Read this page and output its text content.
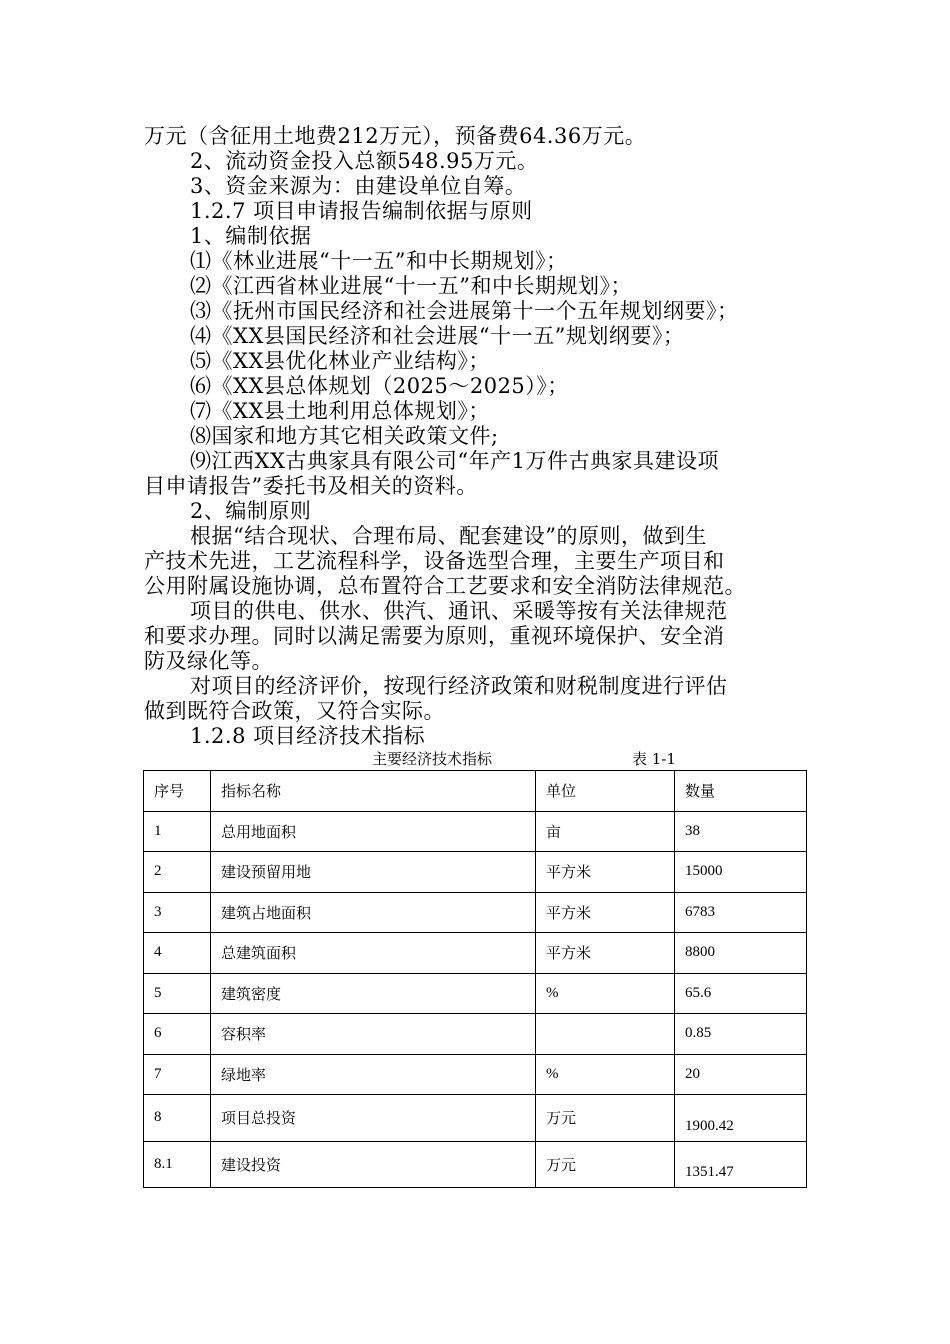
万元（含征用土地费212万元），预备费64.36万元。
2、流动资金投入总额548.95万元。
3、资金来源为：由建设单位自筹。
1.2.7 项目申请报告编制依据与原则
1、编制依据
⑴《林业进展“十一五”和中长期规划》；
⑵《江西省林业进展“十一五”和中长期规划》；
⑶《抚州市国民经济和社会进展第十一个五年规划纲要》；
⑷《XX县国民经济和社会进展“十一五”规划纲要》；
⑸《XX县优化林业产业结构》；
⑹《XX县总体规划（2025～2025）》；
⑺《XX县土地利用总体规划》；
⑻国家和地方其它相关政策文件;
⑼江西XX古典家具有限公司“年产1万件古典家具建设项
目申请报告”委托书及相关的资料。
2、编制原则
根据“结合现状、合理布局、配套建设”的原则，做到生
产技术先进，工艺流程科学，设备选型合理，主要生产项目和
公用附属设施协调，总布置符合工艺要求和安全消防法律规范。
项目的供电、供水、供汽、通讯、采暖等按有关法律规范
和要求办理。同时以满足需要为原则，重视环境保护、安全消
防及绿化等。
对项目的经济评价，按现行经济政策和财税制度进行评估
做到既符合政策，又符合实际。
1.2.8 项目经济技术指标
主要经济技术指标	表 1-1
序号	指标名称	单位	数量
1	总用地面积	亩	38
2	建设预留用地	平方米	15000
3	建筑占地面积	平方米	6783
4	总建筑面积	平方米	8800
5	建筑密度	%	65.6
6	容积率		0.85
7	绿地率	%	20
8	项目总投资	万元	1900.42
8.1	建设投资	万元	1351.47
